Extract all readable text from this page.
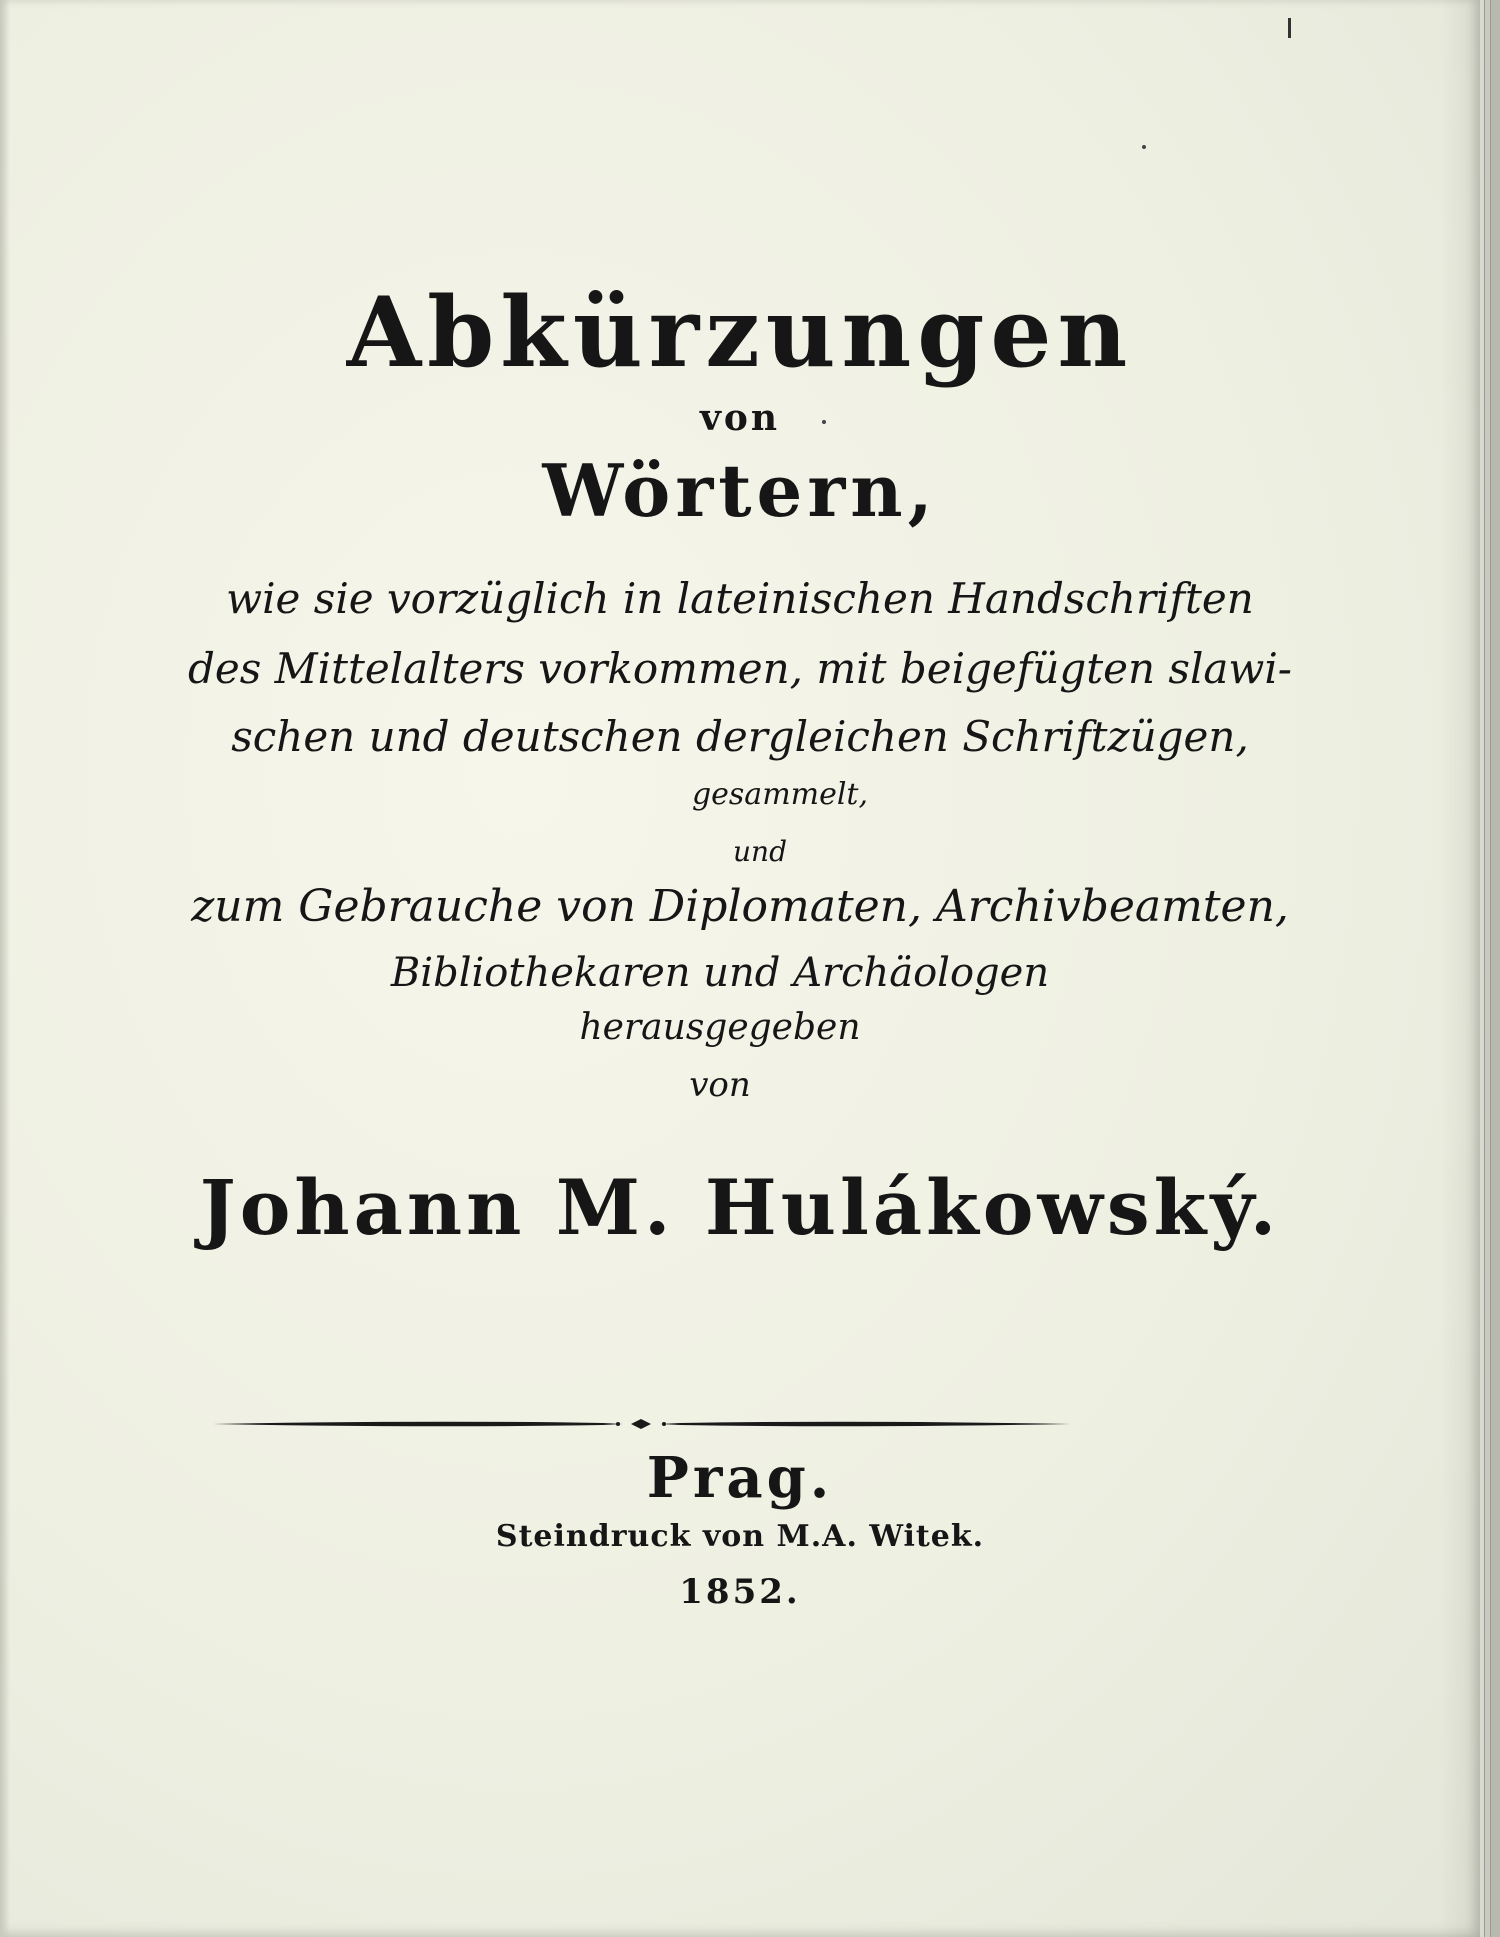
Abkürzungen
von
Wörtern,
wie sie vorzüglich in lateinischen Handschriften
des Mittelalters vorkommen, mit beigefügten slawi-
schen und deutschen dergleichen Schriftzügen,
gesammelt,
und
zum Gebrauche von Diplomaten, Archivbeamten,
Bibliothekaren und Archäologen
herausgegeben
von
Johann M. Hulákowský.
Prag.
Steindruck von M.A. Witek.
1852.
